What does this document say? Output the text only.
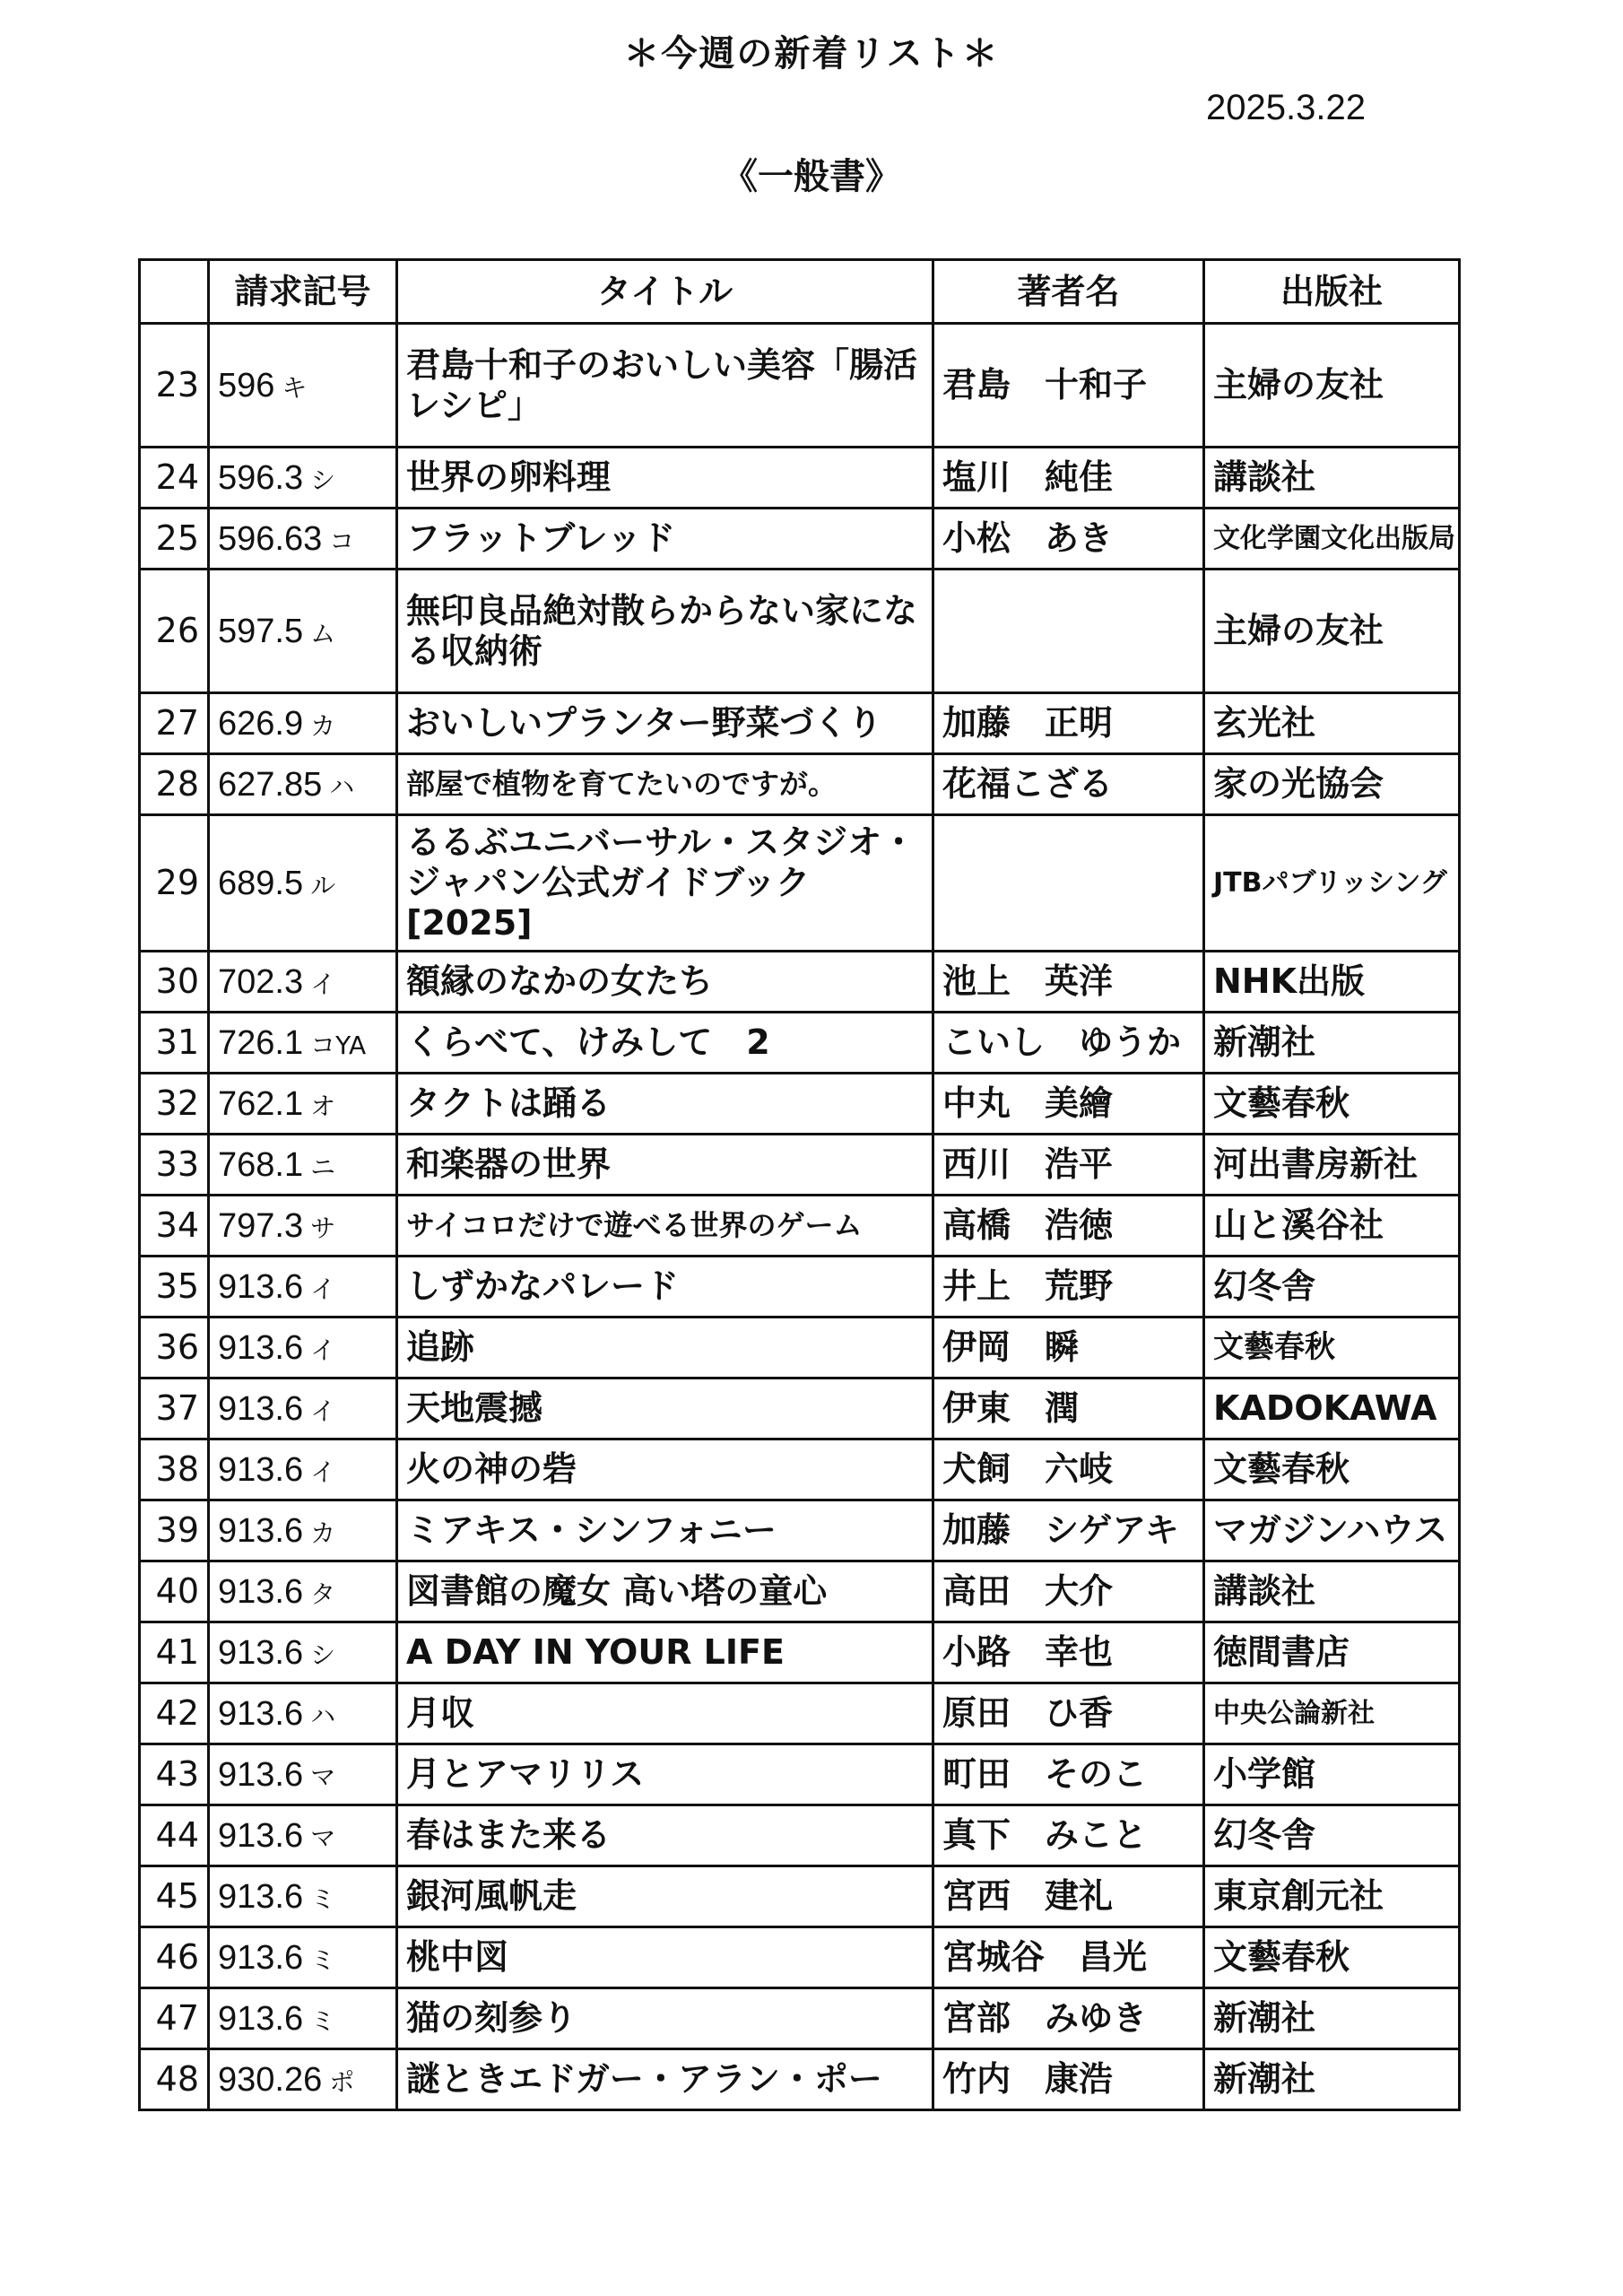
＊今週の新着リスト＊
2025.3.22
《一般書》
	請求記号	タイトル	著者名	出版社
23	596 キ	君島十和子のおいしい美容「腸活レシピ」	君島　十和子	主婦の友社
24	596.3 シ	世界の卵料理	塩川　純佳	講談社
25	596.63 コ	フラットブレッド	小松　あき	文化学園文化出版局
26	597.5 ム	無印良品絶対散らからない家になる収納術		主婦の友社
27	626.9 カ	おいしいプランター野菜づくり	加藤　正明	玄光社
28	627.85 ハ	部屋で植物を育てたいのですが。	花福こざる	家の光協会
29	689.5 ル	るるぶユニバーサル・スタジオ・ジャパン公式ガイドブック[2025]		JTBパブリッシング
30	702.3 イ	額縁のなかの女たち	池上　英洋	NHK出版
31	726.1 コYA	くらべて、けみして　2	こいし　ゆうか	新潮社
32	762.1 オ	タクトは踊る	中丸　美繪	文藝春秋
33	768.1 ニ	和楽器の世界	西川　浩平	河出書房新社
34	797.3 サ	サイコロだけで遊べる世界のゲーム	高橋　浩徳	山と溪谷社
35	913.6 イ	しずかなパレード	井上　荒野	幻冬舎
36	913.6 イ	追跡	伊岡　瞬	文藝春秋
37	913.6 イ	天地震撼	伊東　潤	KADOKAWA
38	913.6 イ	火の神の砦	犬飼　六岐	文藝春秋
39	913.6 カ	ミアキス・シンフォニー	加藤　シゲアキ	マガジンハウス
40	913.6 タ	図書館の魔女 高い塔の童心	高田　大介	講談社
41	913.6 シ	A DAY IN YOUR LIFE	小路　幸也	徳間書店
42	913.6 ハ	月収	原田　ひ香	中央公論新社
43	913.6 マ	月とアマリリス	町田　そのこ	小学館
44	913.6 マ	春はまた来る	真下　みこと	幻冬舎
45	913.6 ミ	銀河風帆走	宮西　建礼	東京創元社
46	913.6 ミ	桃中図	宮城谷　昌光	文藝春秋
47	913.6 ミ	猫の刻参り	宮部　みゆき	新潮社
48	930.26 ポ	謎ときエドガー・アラン・ポー	竹内　康浩	新潮社
